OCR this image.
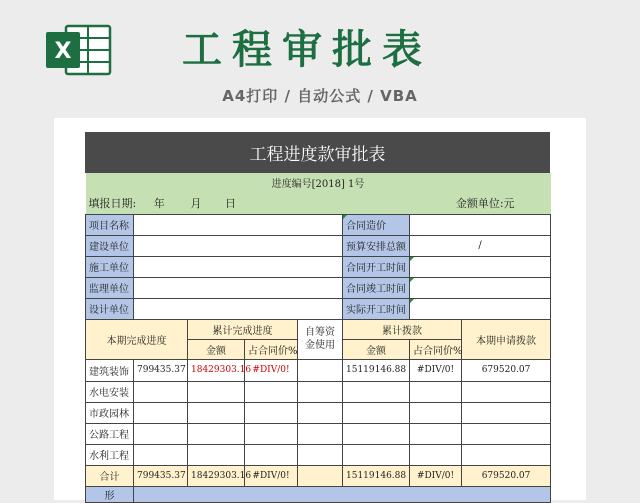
X	工程审批表
A4打印 / 自动公式 / VBA
工程进度款审批表
进度编号[2018] 1号							
填报日期: 年		月 日			金额单位:元		
项目名称					合同造价		
建设单位					预算安排总额	/	
施工单位					合同开工时间		
监理单位					合同竣工时间		
设计单位					实际开工时间		
本期完成进度		累计完成进度		自筹资金使用	累计拨款		本期申请拨款
		金额	占合同价%		金额	占合同价%	
建筑装饰	799435.37	18429303.16	#DIV/0!		15119146.88	#DIV/0!	679520.07
水电安装							
市政园林							
公路工程							
水利工程							
合计	799435.37	18429303.16	#DIV/0!		15119146.88	#DIV/0!	679520.07
形							
